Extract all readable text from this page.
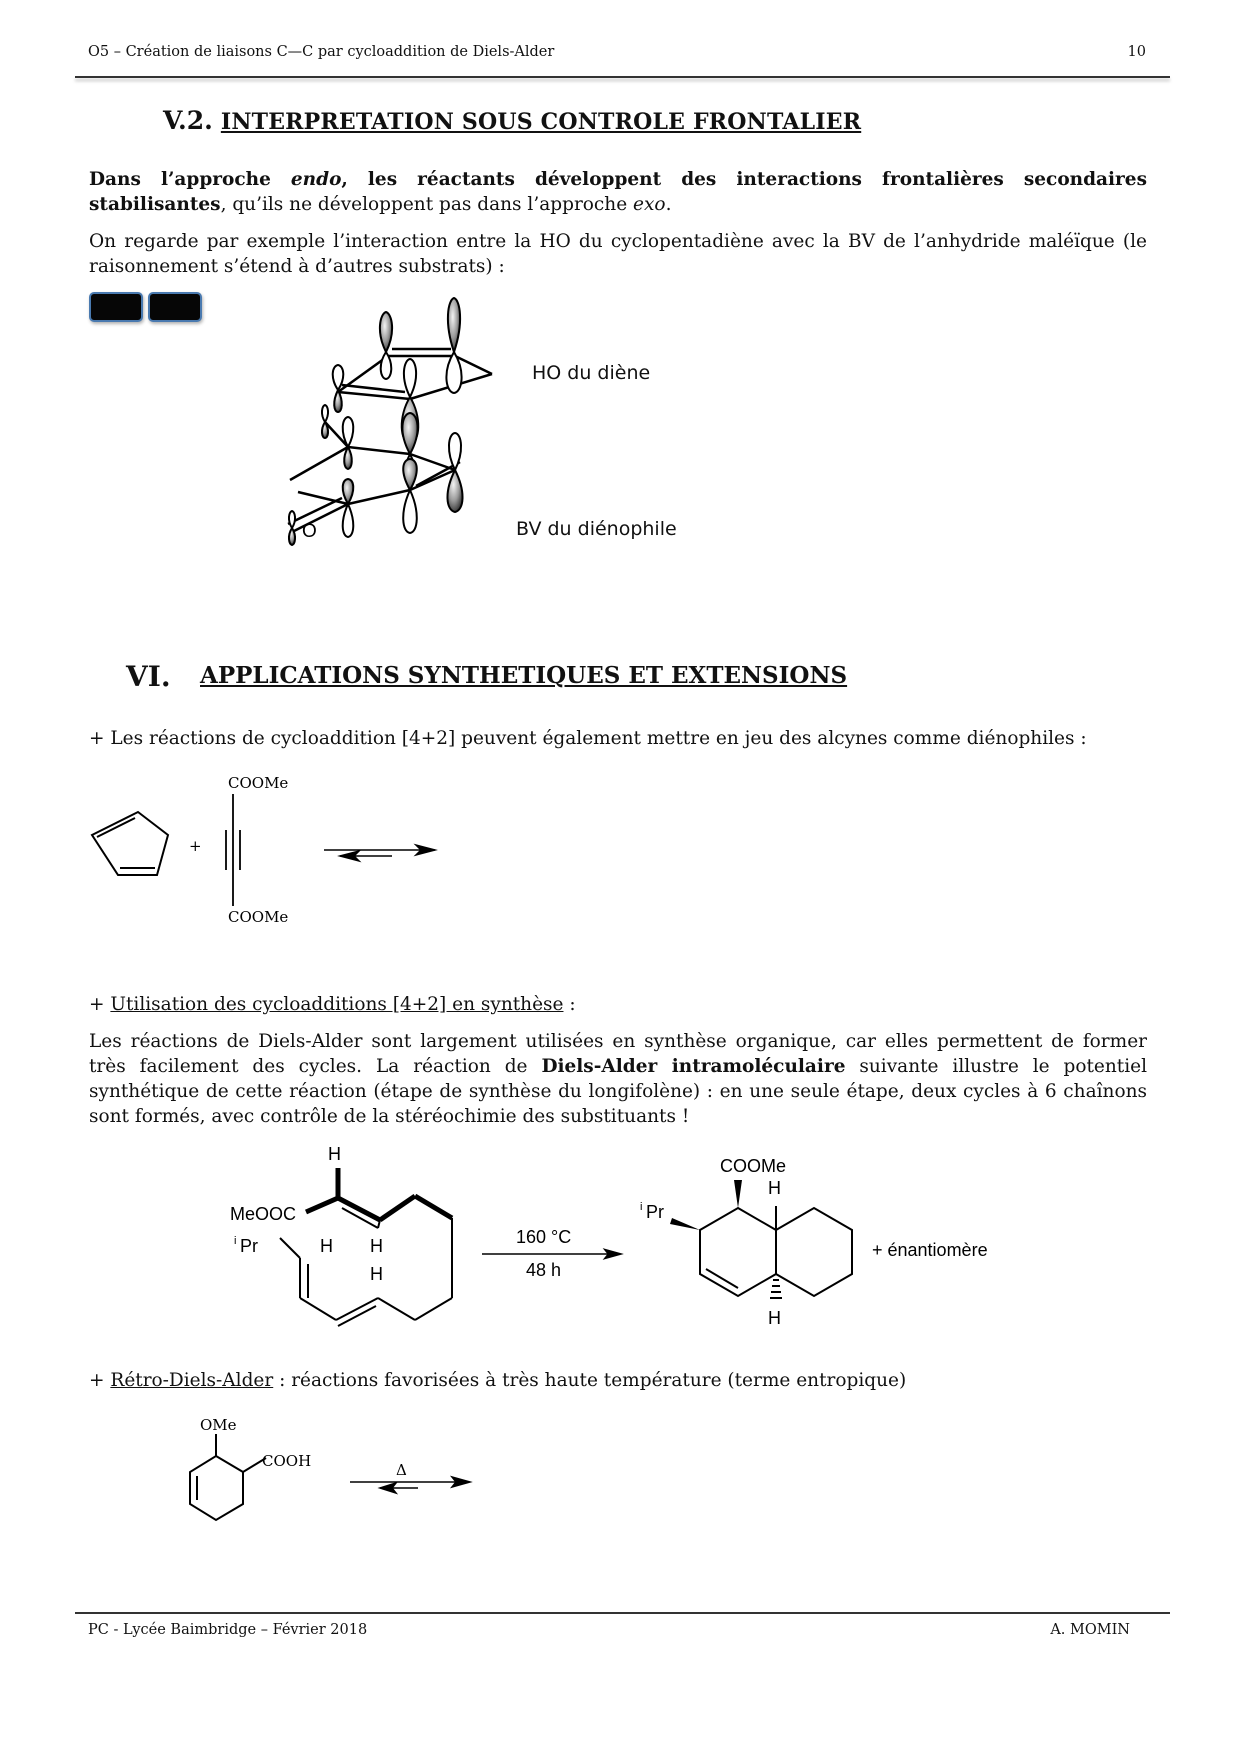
O5 – Création de liaisons C—C par cycloaddition de Diels-Alder	10
V.2. INTERPRETATION SOUS CONTROLE FRONTALIER
Dans l’approche endo, les réactants développent des interactions frontalières secondaires stabilisantes, qu’ils ne développent pas dans l’approche exo.
On regarde par exemple l’interaction entre la HO du cyclopentadiène avec la BV de l’anhydride maléïque (le raisonnement s’étend à d’autres substrats) :
O
HO du diène
BV du diénophile
VI. APPLICATIONS SYNTHETIQUES ET EXTENSIONS
+ Les réactions de cycloaddition [4+2] peuvent également mettre en jeu des alcynes comme diénophiles :
+
COOMe
COOMe
+ Utilisation des cycloadditions [4+2] en synthèse :
Les réactions de Diels-Alder sont largement utilisées en synthèse organique, car elles permettent de former très facilement des cycles. La réaction de Diels-Alder intramoléculaire suivante illustre le potentiel synthétique de cette réaction (étape de synthèse du longifolène) : en une seule étape, deux cycles à 6 chaînons sont formés, avec contrôle de la stéréochimie des substituants !
H
MeOOC
i Pr	H H
H
160 °C
48 h
COOMe
H
i Pr
H
+ énantiomère
+ Rétro-Diels-Alder : réactions favorisées à très haute température (terme entropique)
OMe
COOH	Δ
PC - Lycée Baimbridge – Février 2018	A. MOMIN
